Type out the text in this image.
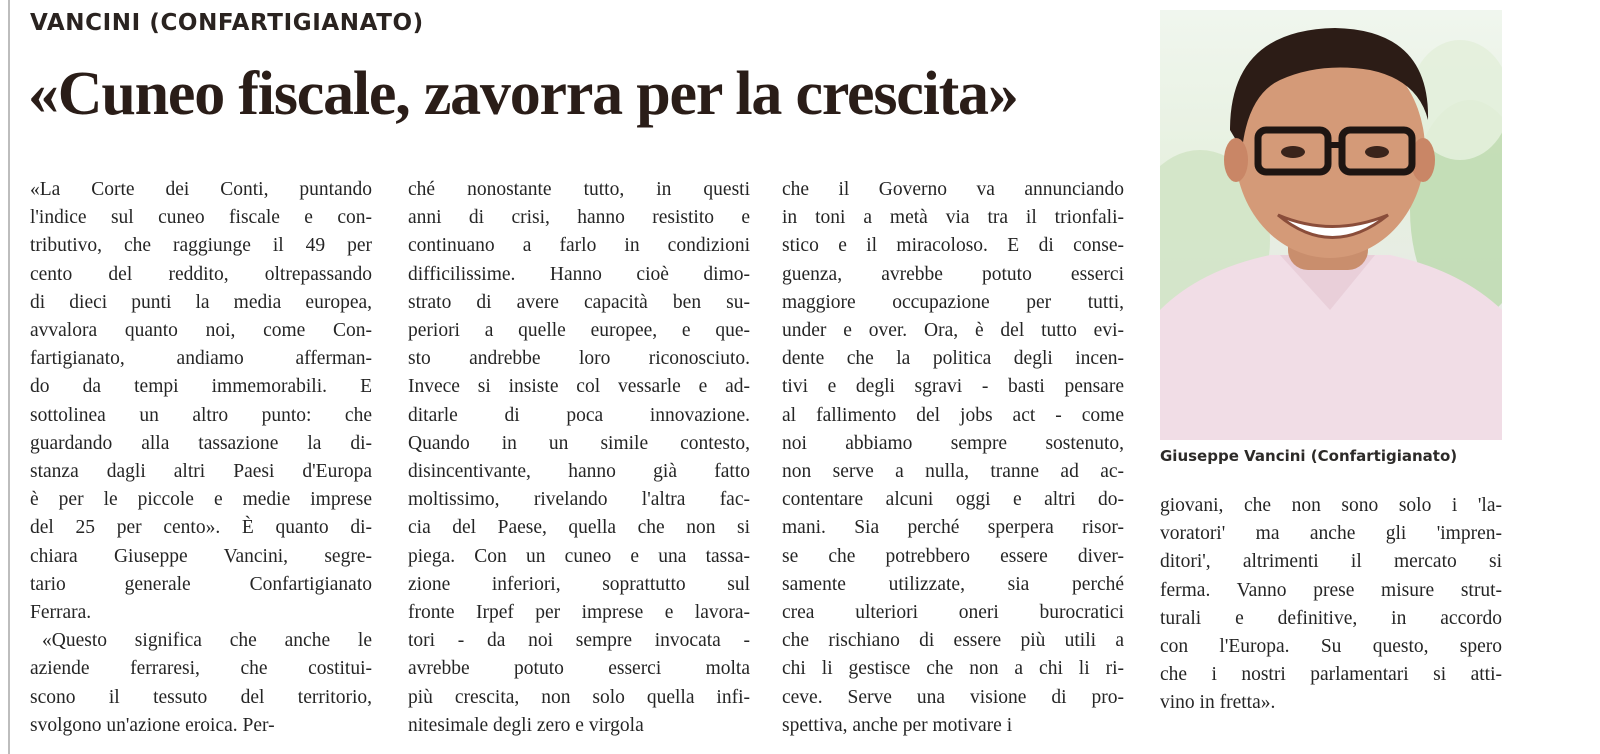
VANCINI (CONFARTIGIANATO)
«Cuneo fiscale, zavorra per la crescita»
«La Corte dei Conti, puntando
l'indice sul cuneo fiscale e con-
tributivo, che raggiunge il 49 per
cento del reddito, oltrepassando
di dieci punti la media europea,
avvalora quanto noi, come Con-
fartigianato, andiamo afferman-
do da tempi immemorabili. E
sottolinea un altro punto: che
guardando alla tassazione la di-
stanza dagli altri Paesi d'Europa
è per le piccole e medie imprese
del 25 per cento». È quanto di-
chiara Giuseppe Vancini, segre-
tario generale Confartigianato
Ferrara.
«Questo significa che anche le
aziende ferraresi, che costitui-
scono il tessuto del territorio,
svolgono un'azione eroica. Per-
ché nonostante tutto, in questi
anni di crisi, hanno resistito e
continuano a farlo in condizioni
difficilissime. Hanno cioè dimo-
strato di avere capacità ben su-
periori a quelle europee, e que-
sto andrebbe loro riconosciuto.
Invece si insiste col vessarle e ad-
ditarle di poca innovazione.
Quando in un simile contesto,
disincentivante, hanno già fatto
moltissimo, rivelando l'altra fac-
cia del Paese, quella che non si
piega. Con un cuneo e una tassa-
zione inferiori, soprattutto sul
fronte Irpef per imprese e lavora-
tori - da noi sempre invocata -
avrebbe potuto esserci molta
più crescita, non solo quella infi-
nitesimale degli zero e virgola
che il Governo va annunciando
in toni a metà via tra il trionfali-
stico e il miracoloso. E di conse-
guenza, avrebbe potuto esserci
maggiore occupazione per tutti,
under e over. Ora, è del tutto evi-
dente che la politica degli incen-
tivi e degli sgravi - basti pensare
al fallimento del jobs act - come
noi abbiamo sempre sostenuto,
non serve a nulla, tranne ad ac-
contentare alcuni oggi e altri do-
mani. Sia perché sperpera risor-
se che potrebbero essere diver-
samente utilizzate, sia perché
crea ulteriori oneri burocratici
che rischiano di essere più utili a
chi li gestisce che non a chi li ri-
ceve. Serve una visione di pro-
spettiva, anche per motivare i
giovani, che non sono solo i 'la-
voratori' ma anche gli 'impren-
ditori', altrimenti il mercato si
ferma. Vanno prese misure strut-
turali e definitive, in accordo
con l'Europa. Su questo, spero
che i nostri parlamentari si atti-
vino in fretta».
Giuseppe Vancini (Confartigianato)
